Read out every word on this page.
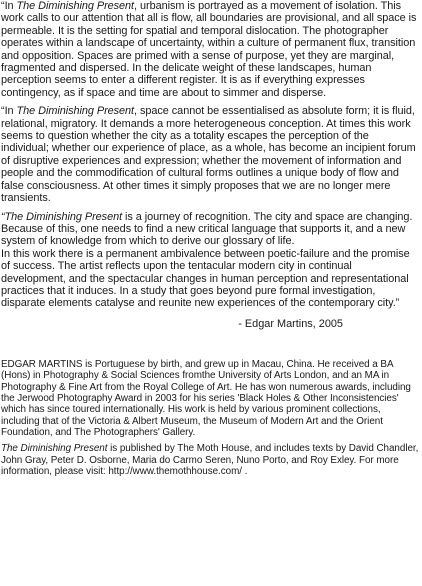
“In The Diminishing Present, urbanism is portrayed as a movement of isolation. This work calls to our attention that all is flow, all boundaries are provisional, and all space is permeable. It is the setting for spatial and temporal dislocation. The photographer operates within a landscape of uncertainty, within a culture of permanent flux, transition and opposition. Spaces are primed with a sense of purpose, yet they are marginal, fragmented and dispersed. In the delicate weight of these landscapes, human perception seems to enter a different register. It is as if everything expresses contingency, as if space and time are about to simmer and disperse.

“In The Diminishing Present, space cannot be essentialised as absolute form; it is fluid, relational, migratory. It demands a more heterogeneous conception. At times this work seems to question whether the city as a totality escapes the perception of the individual; whether our experience of place, as a whole, has become an incipient forum of disruptive experiences and expression; whether the movement of information and people and the commodification of cultural forms outlines a unique body of flow and false consciousness. At other times it simply proposes that we are no longer mere transients.

“The Diminishing Present is a journey of recognition. The city and space are changing. Because of this, one needs to find a new critical language that supports it, and a new system of knowledge from which to derive our glossary of life.

In this work there is a permanent ambivalence between poetic-failure and the promise of success. The artist reflects upon the tentacular modern city in continual development, and the spectacular changes in human perception and representational practices that it induces. In a study that goes beyond pure formal investigation, disparate elements catalyse and reunite new experiences of the contemporary city.”

- Edgar Martins, 2005

EDGAR MARTINS is Portuguese by birth, and grew up in Macau, China. He received a BA (Hons) in Photography & Social Sciences fromthe University of Arts London, and an MA in Photography & Fine Art from the Royal College of Art. He has won numerous awards, including the Jerwood Photography Award in 2003 for his series 'Black Holes & Other Inconsistencies' which has since toured internationally. His work is held by various prominent collections, including that of the Victoria & Albert Museum, the Museum of Modern Art and the Orient Foundation, and The Photographers' Gallery.

The Diminishing Present is published by The Moth House, and includes texts by David Chandler, John Gray, Peter D. Osborne, Maria do Carmo Seren, Nuno Porto, and Roy Exley. For more information, please visit: http://www.themothhouse.com/ .
